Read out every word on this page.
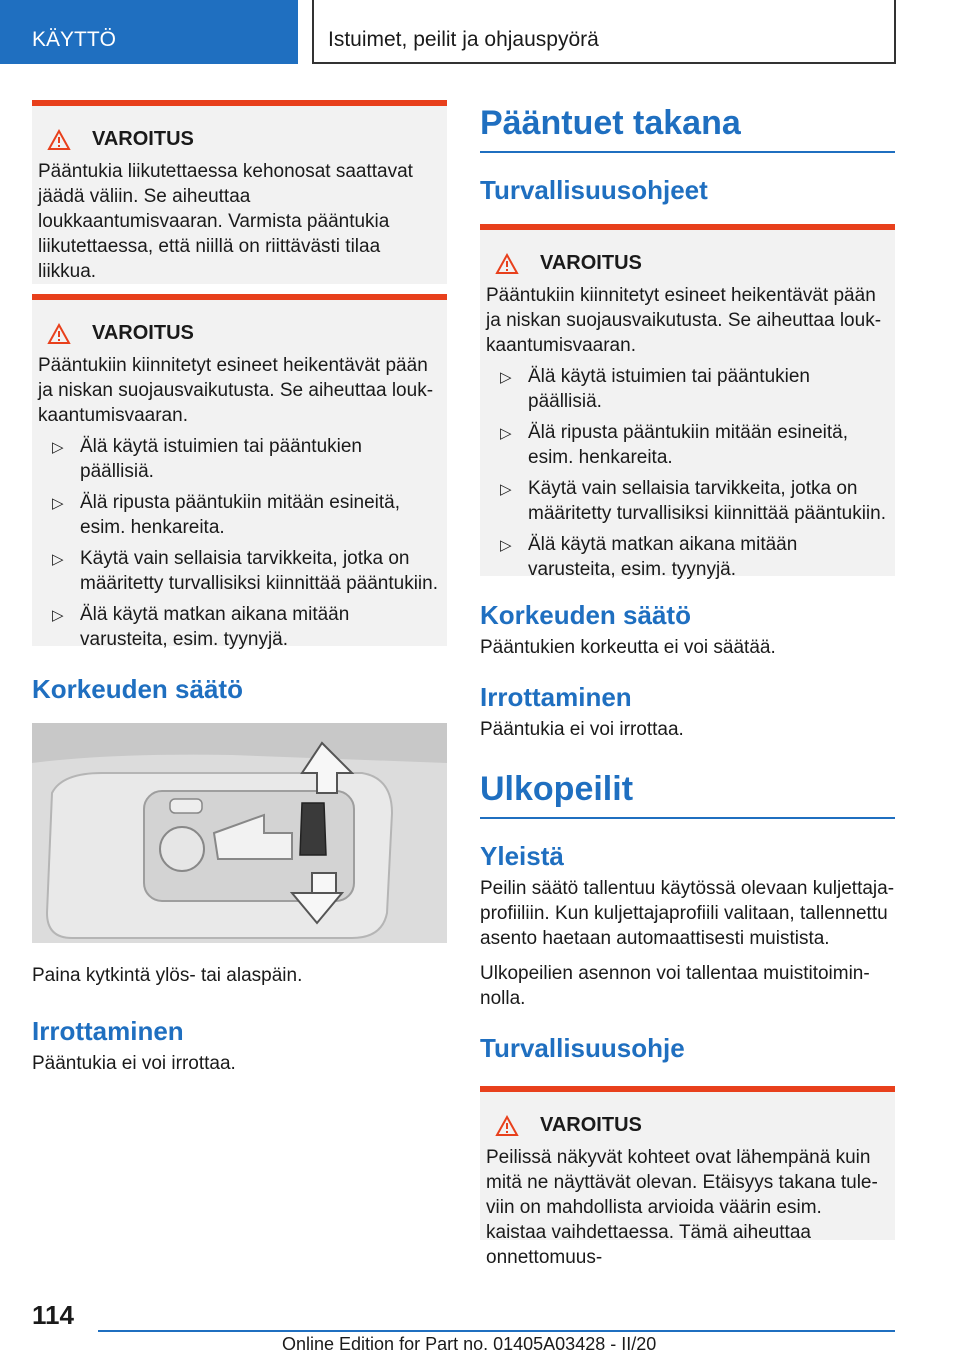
KÄYTTÖ	Istuimet, peilit ja ohjauspyörä
VAROITUS
Pääntukia liikutettaessa kehonosat saattavat jäädä väliin. Se aiheuttaa loukkaantumisvaaran. Varmista pääntukia liikutettaessa, että niillä on riittävästi tilaa liikkua.
VAROITUS
Pääntukiin kiinnitetyt esineet heikentävät pään ja niskan suojausvaikutusta. Se aiheuttaa loukkaantumisvaaran.
▷ Älä käytä istuimien tai pääntukien päällisiä.
▷ Älä ripusta pääntukiin mitään esineitä, esim. henkareita.
▷ Käytä vain sellaisia tarvikkeita, jotka on määritetty turvallisiksi kiinnittää pääntukiin.
▷ Älä käytä matkan aikana mitään varusteita, esim. tyynyjä.
Korkeuden säätö
Paina kytkintä ylös- tai alaspäin.
Irrottaminen
Pääntukia ei voi irrottaa.
Pääntuet takana
Turvallisuusohjeet
VAROITUS
Pääntukiin kiinnitetyt esineet heikentävät pään ja niskan suojausvaikutusta. Se aiheuttaa loukkaantumisvaaran.
▷ Älä käytä istuimien tai pääntukien päällisiä.
▷ Älä ripusta pääntukiin mitään esineitä, esim. henkareita.
▷ Käytä vain sellaisia tarvikkeita, jotka on määritetty turvallisiksi kiinnittää pääntukiin.
▷ Älä käytä matkan aikana mitään varusteita, esim. tyynyjä.
Korkeuden säätö
Pääntukien korkeutta ei voi säätää.
Irrottaminen
Pääntukia ei voi irrottaa.
Ulkopeilit
Yleistä
Peilin säätö tallentuu käytössä olevaan kuljettajaprofiiliin. Kun kuljettajaprofiili valitaan, tallennettu asento haetaan automaattisesti muistista.
Ulkopeilien asennon voi tallentaa muistitoiminnolla.
Turvallisuusohje
VAROITUS
Peilissä näkyvät kohteet ovat lähempänä kuin mitä ne näyttävät olevan. Etäisyys takana tuleviin on mahdollista arvioida väärin esim. kaistaa vaihdettaessa. Tämä aiheuttaa onnettomuus-
114
Online Edition for Part no. 01405A03428 - II/20
